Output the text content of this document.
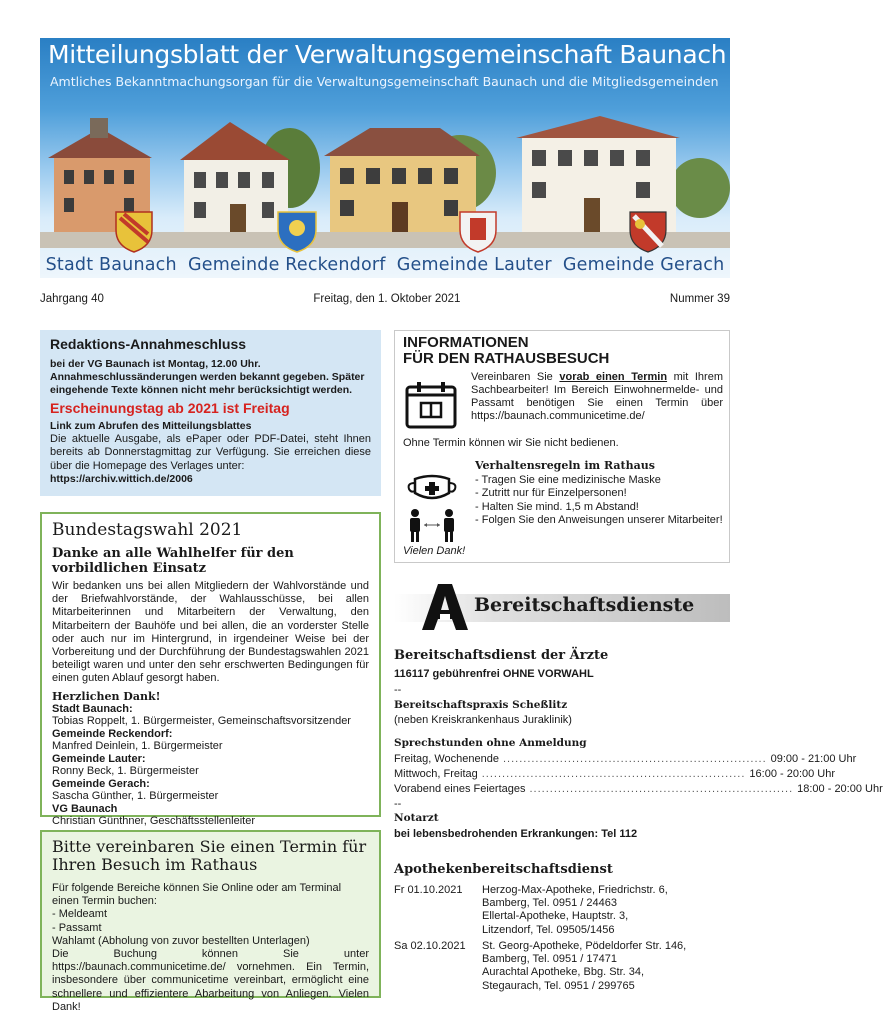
Mitteilungsblatt der Verwaltungsgemeinschaft Baunach
Amtliches Bekanntmachungsorgan für die Verwaltungsgemeinschaft Baunach und die Mitgliedsgemeinden
Stadt Baunach Gemeinde Reckendorf Gemeinde Lauter Gemeinde Gerach
Jahrgang 40	Freitag, den 1. Oktober 2021	Nummer 39
Redaktions-Annahmeschluss
bei der VG Baunach ist Montag, 12.00 Uhr. Annahmeschlussänderungen werden bekannt gegeben. Später eingehende Texte können nicht mehr berücksichtigt werden.
Erscheinungstag ab 2021 ist Freitag
Link zum Abrufen des Mitteilungsblattes
Die aktuelle Ausgabe, als ePaper oder PDF-Datei, steht Ihnen bereits ab Donnerstagmittag zur Verfügung. Sie erreichen diese über die Homepage des Verlages unter:
https://archiv.wittich.de/2006
Bundestagswahl 2021
Danke an alle Wahlhelfer für den vorbildlichen Einsatz
Wir bedanken uns bei allen Mitgliedern der Wahlvorstände und der Briefwahlvorstände, der Wahlausschüsse, bei allen Mitarbeiterinnen und Mitarbeitern der Verwaltung, den Mitarbeitern der Bauhöfe und bei allen, die an vorderster Stelle oder auch nur im Hintergrund, in irgendeiner Weise bei der Vorbereitung und der Durchführung der Bundestagswahlen 2021 beteiligt waren und unter den sehr erschwerten Bedingungen für einen guten Ablauf gesorgt haben.
Herzlichen Dank!
Stadt Baunach:
Tobias Roppelt, 1. Bürgermeister, Gemeinschaftsvorsitzender
Gemeinde Reckendorf:
Manfred Deinlein, 1. Bürgermeister
Gemeinde Lauter:
Ronny Beck, 1. Bürgermeister
Gemeinde Gerach:
Sascha Günther, 1. Bürgermeister
VG Baunach
Christian Günthner, Geschäftsstellenleiter
Bitte vereinbaren Sie einen Termin für Ihren Besuch im Rathaus
Für folgende Bereiche können Sie Online oder am Terminal einen Termin buchen:
- Meldeamt
- Passamt
Wahlamt (Abholung von zuvor bestellten Unterlagen)
Die Buchung können Sie unter https://baunach.communicetime.de/ vornehmen. Ein Termin, insbesondere über communicetime vereinbart, ermöglicht eine schnellere und effizientere Abarbeitung von Anliegen. Vielen Dank!
INFORMATIONEN
FÜR DEN RATHAUSBESUCH
Vereinbaren Sie vorab einen Termin mit Ihrem Sachbearbeiter! Im Bereich Einwohnermelde- und Passamt benötigen Sie einen Termin über https://baunach.communicetime.de/
Ohne Termin können wir Sie nicht bedienen.
Verhaltensregeln im Rathaus
- Tragen Sie eine medizinische Maske
- Zutritt nur für Einzelpersonen!
- Halten Sie mind. 1,5 m Abstand!
- Folgen Sie den Anweisungen unserer Mitarbeiter!
Vielen Dank!
Bereitschaftsdienste
Bereitschaftsdienst der Ärzte
116117 gebührenfrei OHNE VORWAHL
--
Bereitschaftspraxis Scheßlitz
(neben Kreiskrankenhaus Juraklinik)
Sprechstunden ohne Anmeldung
Freitag, Wochenende ................................................................. 09:00 - 21:00 Uhr
Mittwoch, Freitag ................................................................. 16:00 - 20:00 Uhr
Vorabend eines Feiertages ................................................................. 18:00 - 20:00 Uhr
--
Notarzt
bei lebensbedrohenden Erkrankungen: Tel 112
Apothekenbereitschaftsdienst
Fr 01.10.2021	Herzog-Max-Apotheke, Friedrichstr. 6,
Bamberg, Tel. 0951 / 24463
Ellertal-Apotheke, Hauptstr. 3,
Litzendorf, Tel. 09505/1456
Sa 02.10.2021	St. Georg-Apotheke, Pödeldorfer Str. 146,
Bamberg, Tel. 0951 / 17471
Aurachtal Apotheke, Bbg. Str. 34,
Stegaurach, Tel. 0951 / 299765
